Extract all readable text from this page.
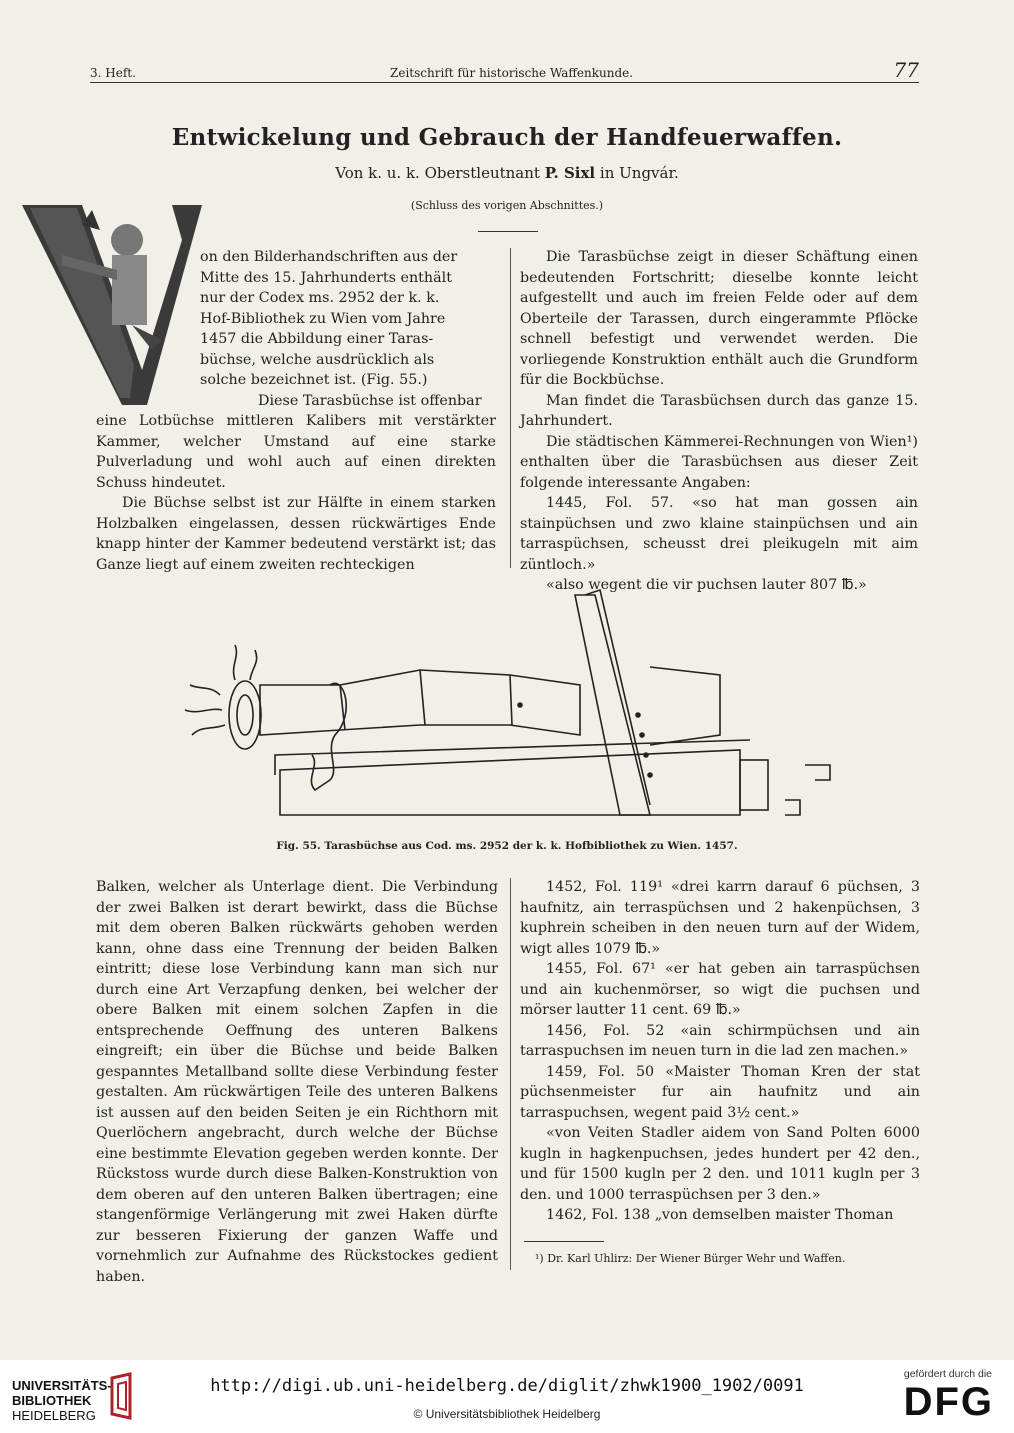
3. Heft.	Zeitschrift für historische Waffenkunde.	77
Entwickelung und Gebrauch der Handfeuerwaffen.
Von k. u. k. Oberstleutnant P. Sixl in Ungvár.
(Schluss des vorigen Abschnittes.)

on den Bilderhandschriften aus der

Mitte des 15. Jahrhunderts enthält

nur der Codex ms. 2952 der k. k.

Hof-Bibliothek zu Wien vom Jahre

1457 die Abbildung einer Taras-

büchse, welche ausdrücklich als

solche bezeichnet ist. (Fig. 55.)

Diese Tarasbüchse ist offenbar

eine Lotbüchse mittleren Kalibers mit verstärkter Kammer, welcher Umstand auf eine starke Pulverladung und wohl auch auf einen direkten Schuss hindeutet.

Die Büchse selbst ist zur Hälfte in einem starken Holzbalken eingelassen, dessen rückwärtiges Ende knapp hinter der Kammer bedeutend verstärkt ist; das Ganze liegt auf einem zweiten rechteckigen

Die Tarasbüchse zeigt in dieser Schäftung einen bedeutenden Fortschritt; dieselbe konnte leicht aufgestellt und auch im freien Felde oder auf dem Oberteile der Tarassen, durch eingerammte Pflöcke schnell befestigt und verwendet werden. Die vorliegende Konstruktion enthält auch die Grundform für die Bockbüchse.

Man findet die Tarasbüchsen durch das ganze 15. Jahrhundert.

Die städtischen Kämmerei-Rechnungen von Wien¹) enthalten über die Tarasbüchsen aus dieser Zeit folgende interessante Angaben:

1445, Fol. 57. «so hat man gossen ain stainpüchsen und zwo klaine stainpüchsen und ain tarraspüchsen, scheusst drei pleikugeln mit aim züntloch.»

«also wegent die vir puchsen lauter 807 ℔.»

Fig. 55. Tarasbüchse aus Cod. ms. 2952 der k. k. Hofbibliothek zu Wien. 1457.

Balken, welcher als Unterlage dient. Die Verbindung der zwei Balken ist derart bewirkt, dass die Büchse mit dem oberen Balken rückwärts gehoben werden kann, ohne dass eine Trennung der beiden Balken eintritt; diese lose Verbindung kann man sich nur durch eine Art Verzapfung denken, bei welcher der obere Balken mit einem solchen Zapfen in die entsprechende Oeffnung des unteren Balkens eingreift; ein über die Büchse und beide Balken gespanntes Metallband sollte diese Verbindung fester gestalten. Am rückwärtigen Teile des unteren Balkens ist aussen auf den beiden Seiten je ein Richthorn mit Querlöchern angebracht, durch welche der Büchse eine bestimmte Elevation gegeben werden konnte. Der Rückstoss wurde durch diese Balken-Konstruktion von dem oberen auf den unteren Balken übertragen; eine stangenförmige Verlängerung mit zwei Haken dürfte zur besseren Fixierung der ganzen Waffe und vornehmlich zur Aufnahme des Rückstockes gedient haben.

1452, Fol. 119¹ «drei karrn darauf 6 püchsen, 3 haufnitz, ain terraspüchsen und 2 hakenpüchsen, 3 kuphrein scheiben in den neuen turn auf der Widem, wigt alles 1079 ℔.»

1455, Fol. 67¹ «er hat geben ain tarraspüchsen und ain kuchenmörser, so wigt die puchsen und mörser lautter 11 cent. 69 ℔.»

1456, Fol. 52 «ain schirmpüchsen und ain tarraspuchsen im neuen turn in die lad zen machen.»

1459, Fol. 50 «Maister Thoman Kren der stat püchsenmeister fur ain haufnitz und ain tarraspuchsen, wegent paid 3½ cent.»

«von Veiten Stadler aidem von Sand Polten 6000 kugln in hagkenpuchsen, jedes hundert per 42 den., und für 1500 kugln per 2 den. und 1011 kugln per 3 den. und 1000 terraspüchsen per 3 den.»

1462, Fol. 138 „von demselben maister Thoman

¹) Dr. Karl Uhlirz: Der Wiener Bürger Wehr und Waffen.
UNIVERSITÄTS-
BIBLIOTHEK
HEIDELBERG
http://digi.ub.uni-heidelberg.de/diglit/zhwk1900_1902/0091
© Universitätsbibliothek Heidelberg
gefördert durch die
DFG
